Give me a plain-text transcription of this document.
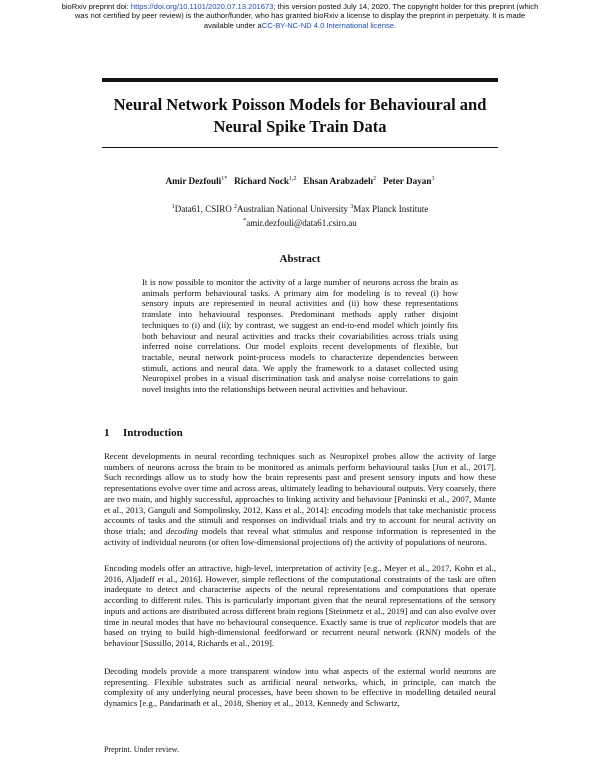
bioRxiv preprint doi: https://doi.org/10.1101/2020.07.13.201673; this version posted July 14, 2020. The copyright holder for this preprint (which
was not certified by peer review) is the author/funder, who has granted bioRxiv a license to display the preprint in perpetuity. It is made
available under aCC-BY-NC-ND 4.0 International license.
Neural Network Poisson Models for Behavioural and
Neural Spike Train Data
Amir Dezfouli$^{1*}$ Richard Nock$^{1,2}$ Ehsan Arabzadeh$^2$ Peter Dayan$^3$
$^1$Data61, CSIRO $^2$Australian National University $^3$Max Planck Institute
*amir.dezfouli@data61.csiro.au
Abstract
It is now possible to monitor the activity of a large number of neurons across the brain as animals perform behavioural tasks. A primary aim for modeling is to reveal (i) how sensory inputs are represented in neural activities and (ii) how these representations translate into behavioural responses. Predominant methods apply rather disjoint techniques to (i) and (ii); by contrast, we suggest an end-to-end model which jointly fits both behaviour and neural activities and tracks their covariabilities across trials using inferred noise correlations. Our model exploits recent developments of flexible, but tractable, neural network point-process models to characterize dependencies between stimuli, actions and neural data. We apply the framework to a dataset collected using Neuropixel probes in a visual discrimination task and analyse noise correlations to gain novel insights into the relationships between neural activities and behaviour.
1 Introduction

Recent developments in neural recording techniques such as Neuropixel probes allow the activity of large numbers of neurons across the brain to be monitored as animals perform behavioural tasks [Jun et al., 2017]. Such recordings allow us to study how the brain represents past and present sensory inputs and how these representations evolve over time and across areas, ultimately leading to behavioural outputs. Very coarsely, there are two main, and highly successful, approaches to linking activity and behaviour [Paninski et al., 2007, Mante et al., 2013, Ganguli and Sompolinsky, 2012, Kass et al., 2014]: encoding models that take mechanistic process accounts of tasks and the stimuli and responses on individual trials and try to account for neural activity on those trials; and decoding models that reveal what stimulus and response information is represented in the activity of individual neurons (or often low-dimensional projections of) the activity of populations of neurons.

Encoding models offer an attractive, high-level, interpretation of activity [e.g., Meyer et al., 2017, Kohn et al., 2016, Aljadeff et al., 2016]. However, simple reflections of the computational constraints of the task are often inadequate to detect and characterise aspects of the neural representations and computations that operate according to different rules. This is particularly important given that the neural representations of the sensory inputs and actions are distributed across different brain regions [Steinmetz et al., 2019] and can also evolve over time in neural modes that have no behavioural consequence. Exactly same is true of replicator models that are based on trying to build high-dimensional feedforward or recurrent neural network (RNN) models of the behaviour [Sussillo, 2014, Richards et al., 2019].

Decoding models provide a more transparent window into what aspects of the external world neurons are representing. Flexible substrates such as artificial neural networks, which, in principle, can match the complexity of any underlying neural processes, have been shown to be effective in modelling detailed neural dynamics [e.g., Pandarinath et al., 2018, Shenoy et al., 2013, Kennedy and Schwartz,

Preprint. Under review.
